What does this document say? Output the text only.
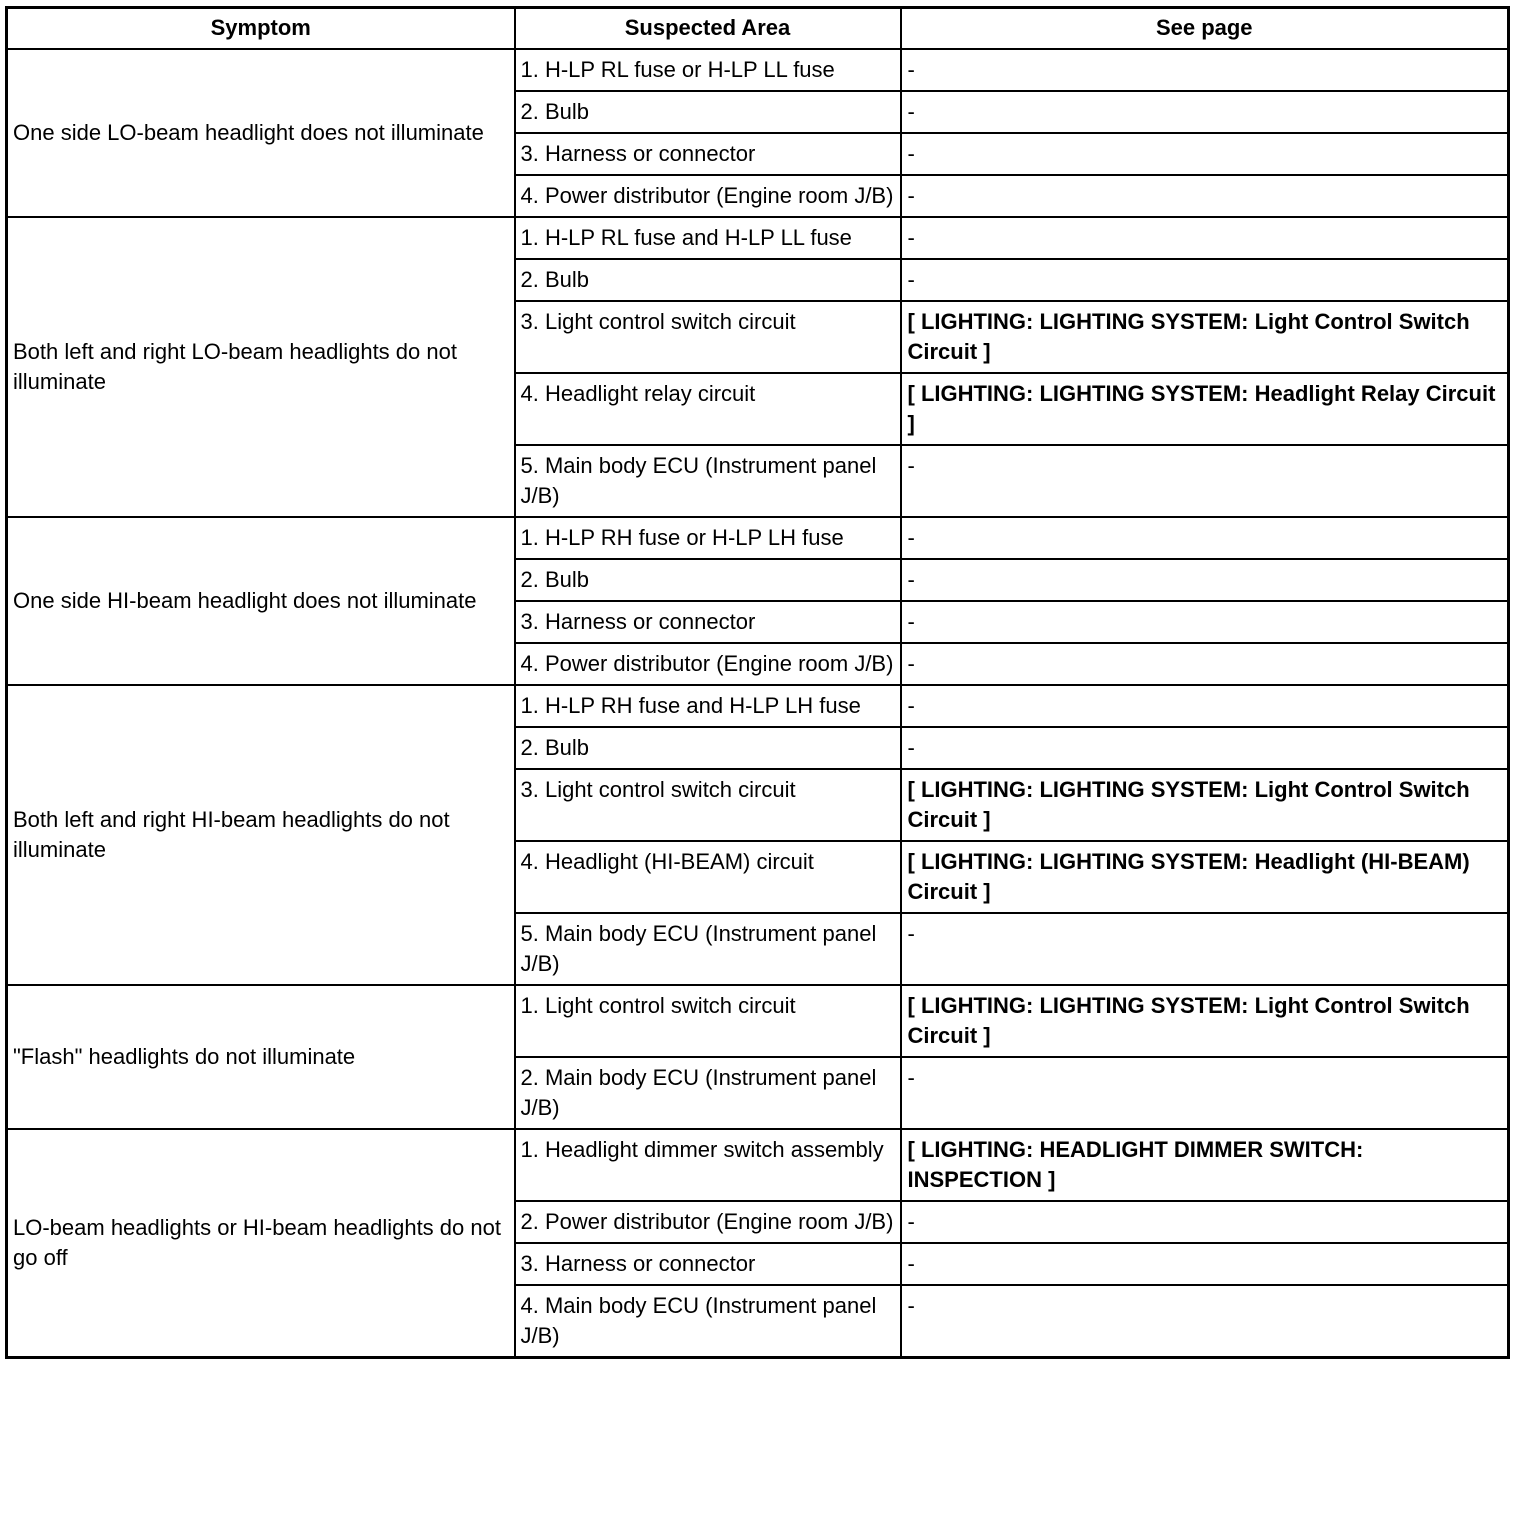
Symptom	Suspected Area	See page
One side LO-beam headlight does not illuminate	1. H-LP RL fuse or H-LP LL fuse	-
	2. Bulb	-
	3. Harness or connector	-
	4. Power distributor (Engine room J/B)	-
Both left and right LO-beam headlights do not illuminate	1. H-LP RL fuse and H-LP LL fuse	-
	2. Bulb	-
	3. Light control switch circuit	[ LIGHTING: LIGHTING SYSTEM: Light Control Switch Circuit ]
	4. Headlight relay circuit	[ LIGHTING: LIGHTING SYSTEM: Headlight Relay Circuit ]
	5. Main body ECU (Instrument panel J/B)	-
One side HI-beam headlight does not illuminate	1. H-LP RH fuse or H-LP LH fuse	-
	2. Bulb	-
	3. Harness or connector	-
	4. Power distributor (Engine room J/B)	-
Both left and right HI-beam headlights do not illuminate	1. H-LP RH fuse and H-LP LH fuse	-
	2. Bulb	-
	3. Light control switch circuit	[ LIGHTING: LIGHTING SYSTEM: Light Control Switch Circuit ]
	4. Headlight (HI-BEAM) circuit	[ LIGHTING: LIGHTING SYSTEM: Headlight (HI-BEAM) Circuit ]
	5. Main body ECU (Instrument panel J/B)	-
"Flash" headlights do not illuminate	1. Light control switch circuit	[ LIGHTING: LIGHTING SYSTEM: Light Control Switch Circuit ]
	2. Main body ECU (Instrument panel J/B)	-
LO-beam headlights or HI-beam headlights do not go off	1. Headlight dimmer switch assembly	[ LIGHTING: HEADLIGHT DIMMER SWITCH: INSPECTION ]
	2. Power distributor (Engine room J/B)	-
	3. Harness or connector	-
	4. Main body ECU (Instrument panel J/B)	-
